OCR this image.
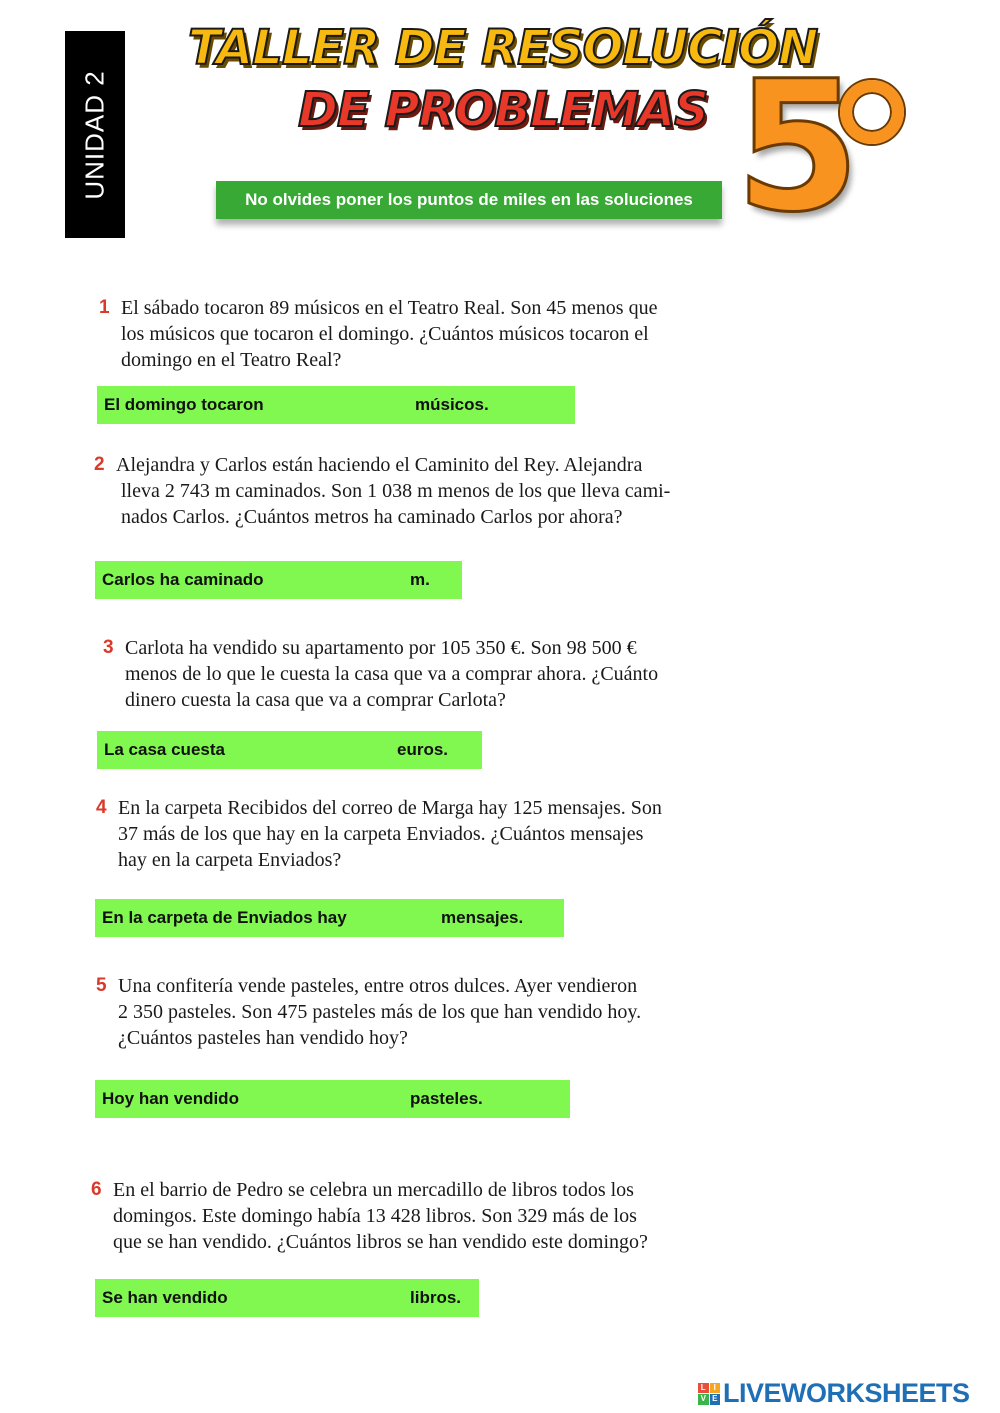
UNIDAD 2
TALLER DE RESOLUCIÓN
DE PROBLEMAS 5
No olvides poner los puntos de miles en las soluciones
1 El sábado tocaron 89 músicos en el Teatro Real. Son 45 menos que
los músicos que tocaron el domingo. ¿Cuántos músicos tocaron el
domingo en el Teatro Real?
El domingo tocaron	músicos.
2 Alejandra y Carlos están haciendo el Caminito del Rey. Alejandra
lleva 2 743 m caminados. Son 1 038 m menos de los que lleva cami-
nados Carlos. ¿Cuántos metros ha caminado Carlos por ahora?
Carlos ha caminado	m.
3 Carlota ha vendido su apartamento por 105 350 €. Son 98 500 €
menos de lo que le cuesta la casa que va a comprar ahora. ¿Cuánto
dinero cuesta la casa que va a comprar Carlota?
La casa cuesta	euros.
4 En la carpeta Recibidos del correo de Marga hay 125 mensajes. Son
37 más de los que hay en la carpeta Enviados. ¿Cuántos mensajes
hay en la carpeta Enviados?
En la carpeta de Enviados hay	mensajes.
5 Una confitería vende pasteles, entre otros dulces. Ayer vendieron
2 350 pasteles. Son 475 pasteles más de los que han vendido hoy.
¿Cuántos pasteles han vendido hoy?
Hoy han vendido	pasteles.
6 En el barrio de Pedro se celebra un mercadillo de libros todos los
domingos. Este domingo había 13 428 libros. Son 329 más de los
que se han vendido. ¿Cuántos libros se han vendido este domingo?
Se han vendido	libros.
L I
V E LIVEWORKSHEETS
